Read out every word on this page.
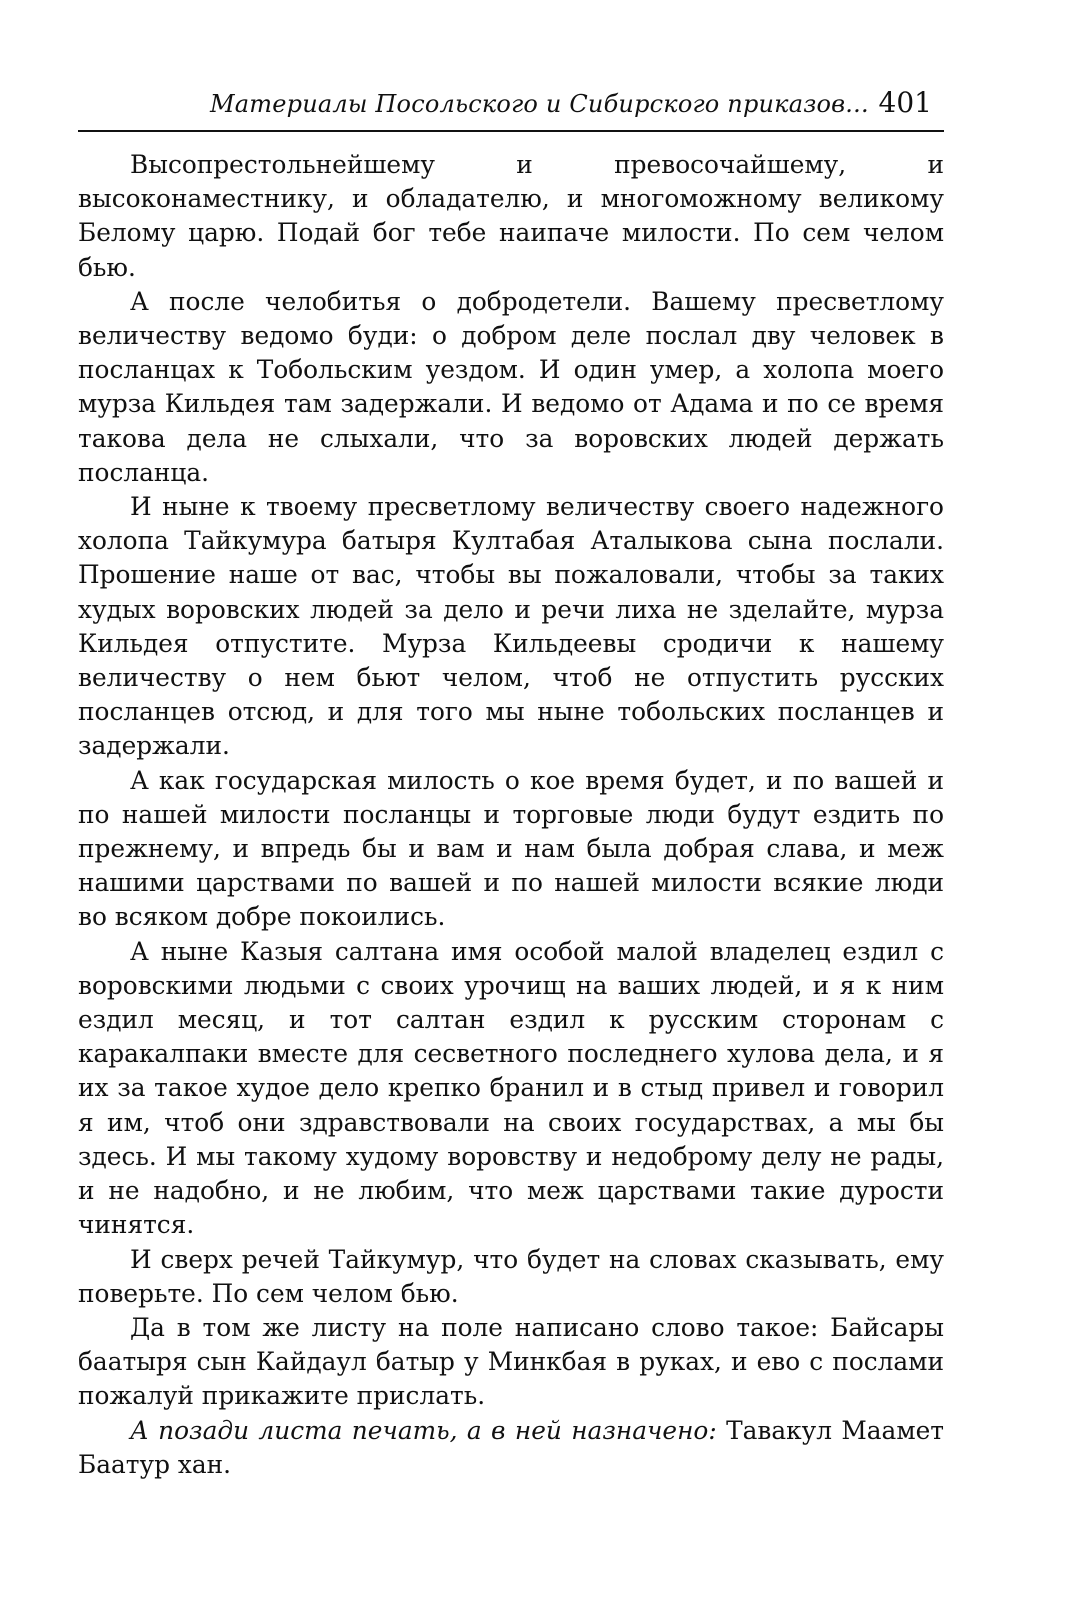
Материалы Посольского и Сибирского приказов... 401

Высопрестольнейшему и превосочайшему, и высоконаместнику, и обладателю, и многоможному великому Белому царю. Подай бог тебе наипаче милости. По сем челом бью.

А после челобитья о добродетели. Вашему пресветлому величеству ведомо буди: о добром деле послал дву человек в посланцах к Тобольским уездом. И один умер, а холопа моего мурза Кильдея там задержали. И ведомо от Адама и по се время такова дела не слыхали, что за воровских людей держать посланца.

И ныне к твоему пресветлому величеству своего надежного холопа Тайкумура батыря Култабая Аталыкова сына послали. Прошение наше от вас, чтобы вы пожаловали, чтобы за таких худых воровских людей за дело и речи лиха не зделайте, мурза Кильдея отпустите. Мурза Кильдеевы сродичи к нашему величеству о нем бьют челом, чтоб не отпустить русских посланцев отсюд, и для того мы ныне тобольских посланцев и задержали.

А как государская милость о кое время будет, и по вашей и по нашей милости посланцы и торговые люди будут ездить по прежнему, и впредь бы и вам и нам была добрая слава, и меж нашими царствами по вашей и по нашей милости всякие люди во всяком добре покоились.

А ныне Казыя салтана имя особой малой владелец ездил с воровскими людьми с своих урочищ на ваших людей, и я к ним ездил месяц, и тот салтан ездил к русским сторонам с каракалпаки вместе для сесветного последнего хулова дела, и я их за такое худое дело крепко бранил и в стыд привел и говорил я им, чтоб они здравствовали на своих государствах, а мы бы здесь. И мы такому худому воровству и недоброму делу не рады, и не надобно, и не любим, что меж царствами такие дурости чинятся.

И сверх речей Тайкумур, что будет на словах сказывать, ему поверьте. По сем челом бью.

Да в том же листу на поле написано слово такое: Байсары баатыря сын Кайдаул батыр у Минкбая в руках, и ево с послами пожалуй прикажите прислать.

А позади листа печать, а в ней назначено: Тавакул Маамет Баатур хан.
